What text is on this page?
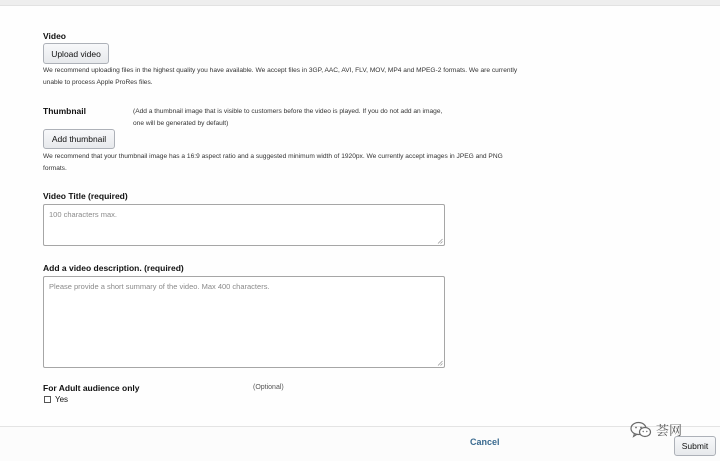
Video
Upload video

We recommend uploading files in the highest quality you have available. We accept files in 3GP, AAC, AVI, FLV, MOV, MP4 and MPEG-2 formats. We are currently
unable to process Apple ProRes files.

Thumbnail	(Add a thumbnail image that is visible to customers before the video is played. If you do not add an image,
one will be generated by default)

Add thumbnail

We recommend that your thumbnail image has a 16:9 aspect ratio and a suggested minimum width of 1920px. We currently accept images in JPEG and PNG
formats.

Video Title (required)
100 characters max.
Add a video description. (required)
Please provide a short summary of the video. Max 400 characters.
For Adult audience only	(Optional)
Yes
Cancel	Submit
荟网
